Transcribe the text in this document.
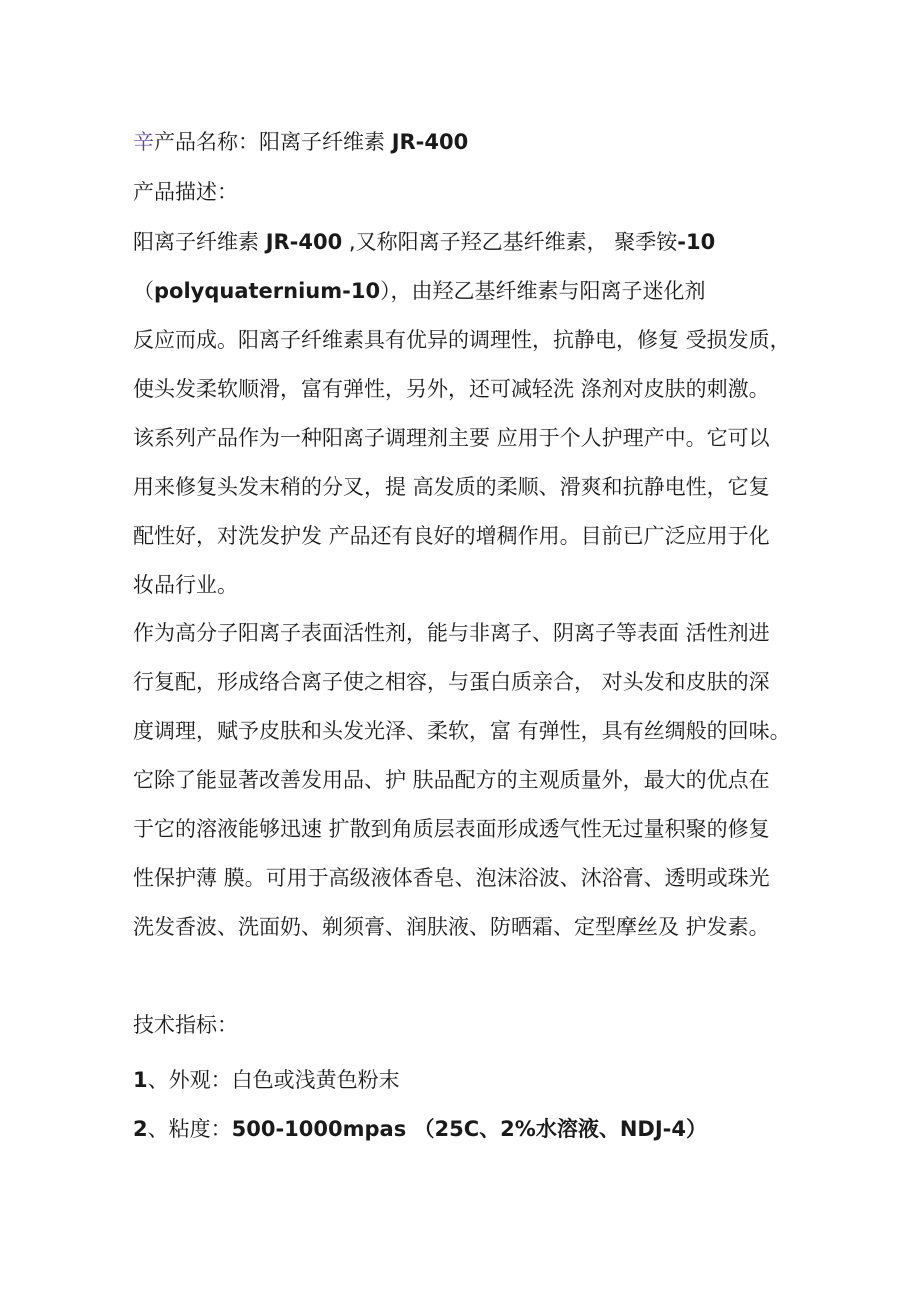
辛产品名称：阳离子纤维素 JR-400
产品描述：
阳离子纤维素 JR-400 ,又称阳离子羟乙基纤维素， 聚季铵-10
（polyquaternium-10），由羟乙基纤维素与阳离子迷化剂
反应而成。阳离子纤维素具有优异的调理性，抗静电，修复 受损发质，
使头发柔软顺滑，富有弹性，另外，还可减轻洗 涤剂对皮肤的刺激。
该系列产品作为一种阳离子调理剂主要 应用于个人护理产中。它可以
用来修复头发末稍的分叉，提 高发质的柔顺、滑爽和抗静电性，它复
配性好，对洗发护发 产品还有良好的增稠作用。目前已广泛应用于化
妆品行业。
作为高分子阳离子表面活性剂，能与非离子、阴离子等表面 活性剂进
行复配，形成络合离子使之相容，与蛋白质亲合， 对头发和皮肤的深
度调理，赋予皮肤和头发光泽、柔软，富 有弹性，具有丝绸般的回味。
它除了能显著改善发用品、护 肤品配方的主观质量外，最大的优点在
于它的溶液能够迅速 扩散到角质层表面形成透气性无过量积聚的修复
性保护薄 膜。可用于高级液体香皂、泡沫浴波、沐浴膏、透明或珠光
洗发香波、洗面奶、剃须膏、润肤液、防晒霜、定型摩丝及 护发素。
技术指标：
1、外观：白色或浅黄色粉末
2、粘度：500-1000mpas （25C、2%水溶液、NDJ-4）
